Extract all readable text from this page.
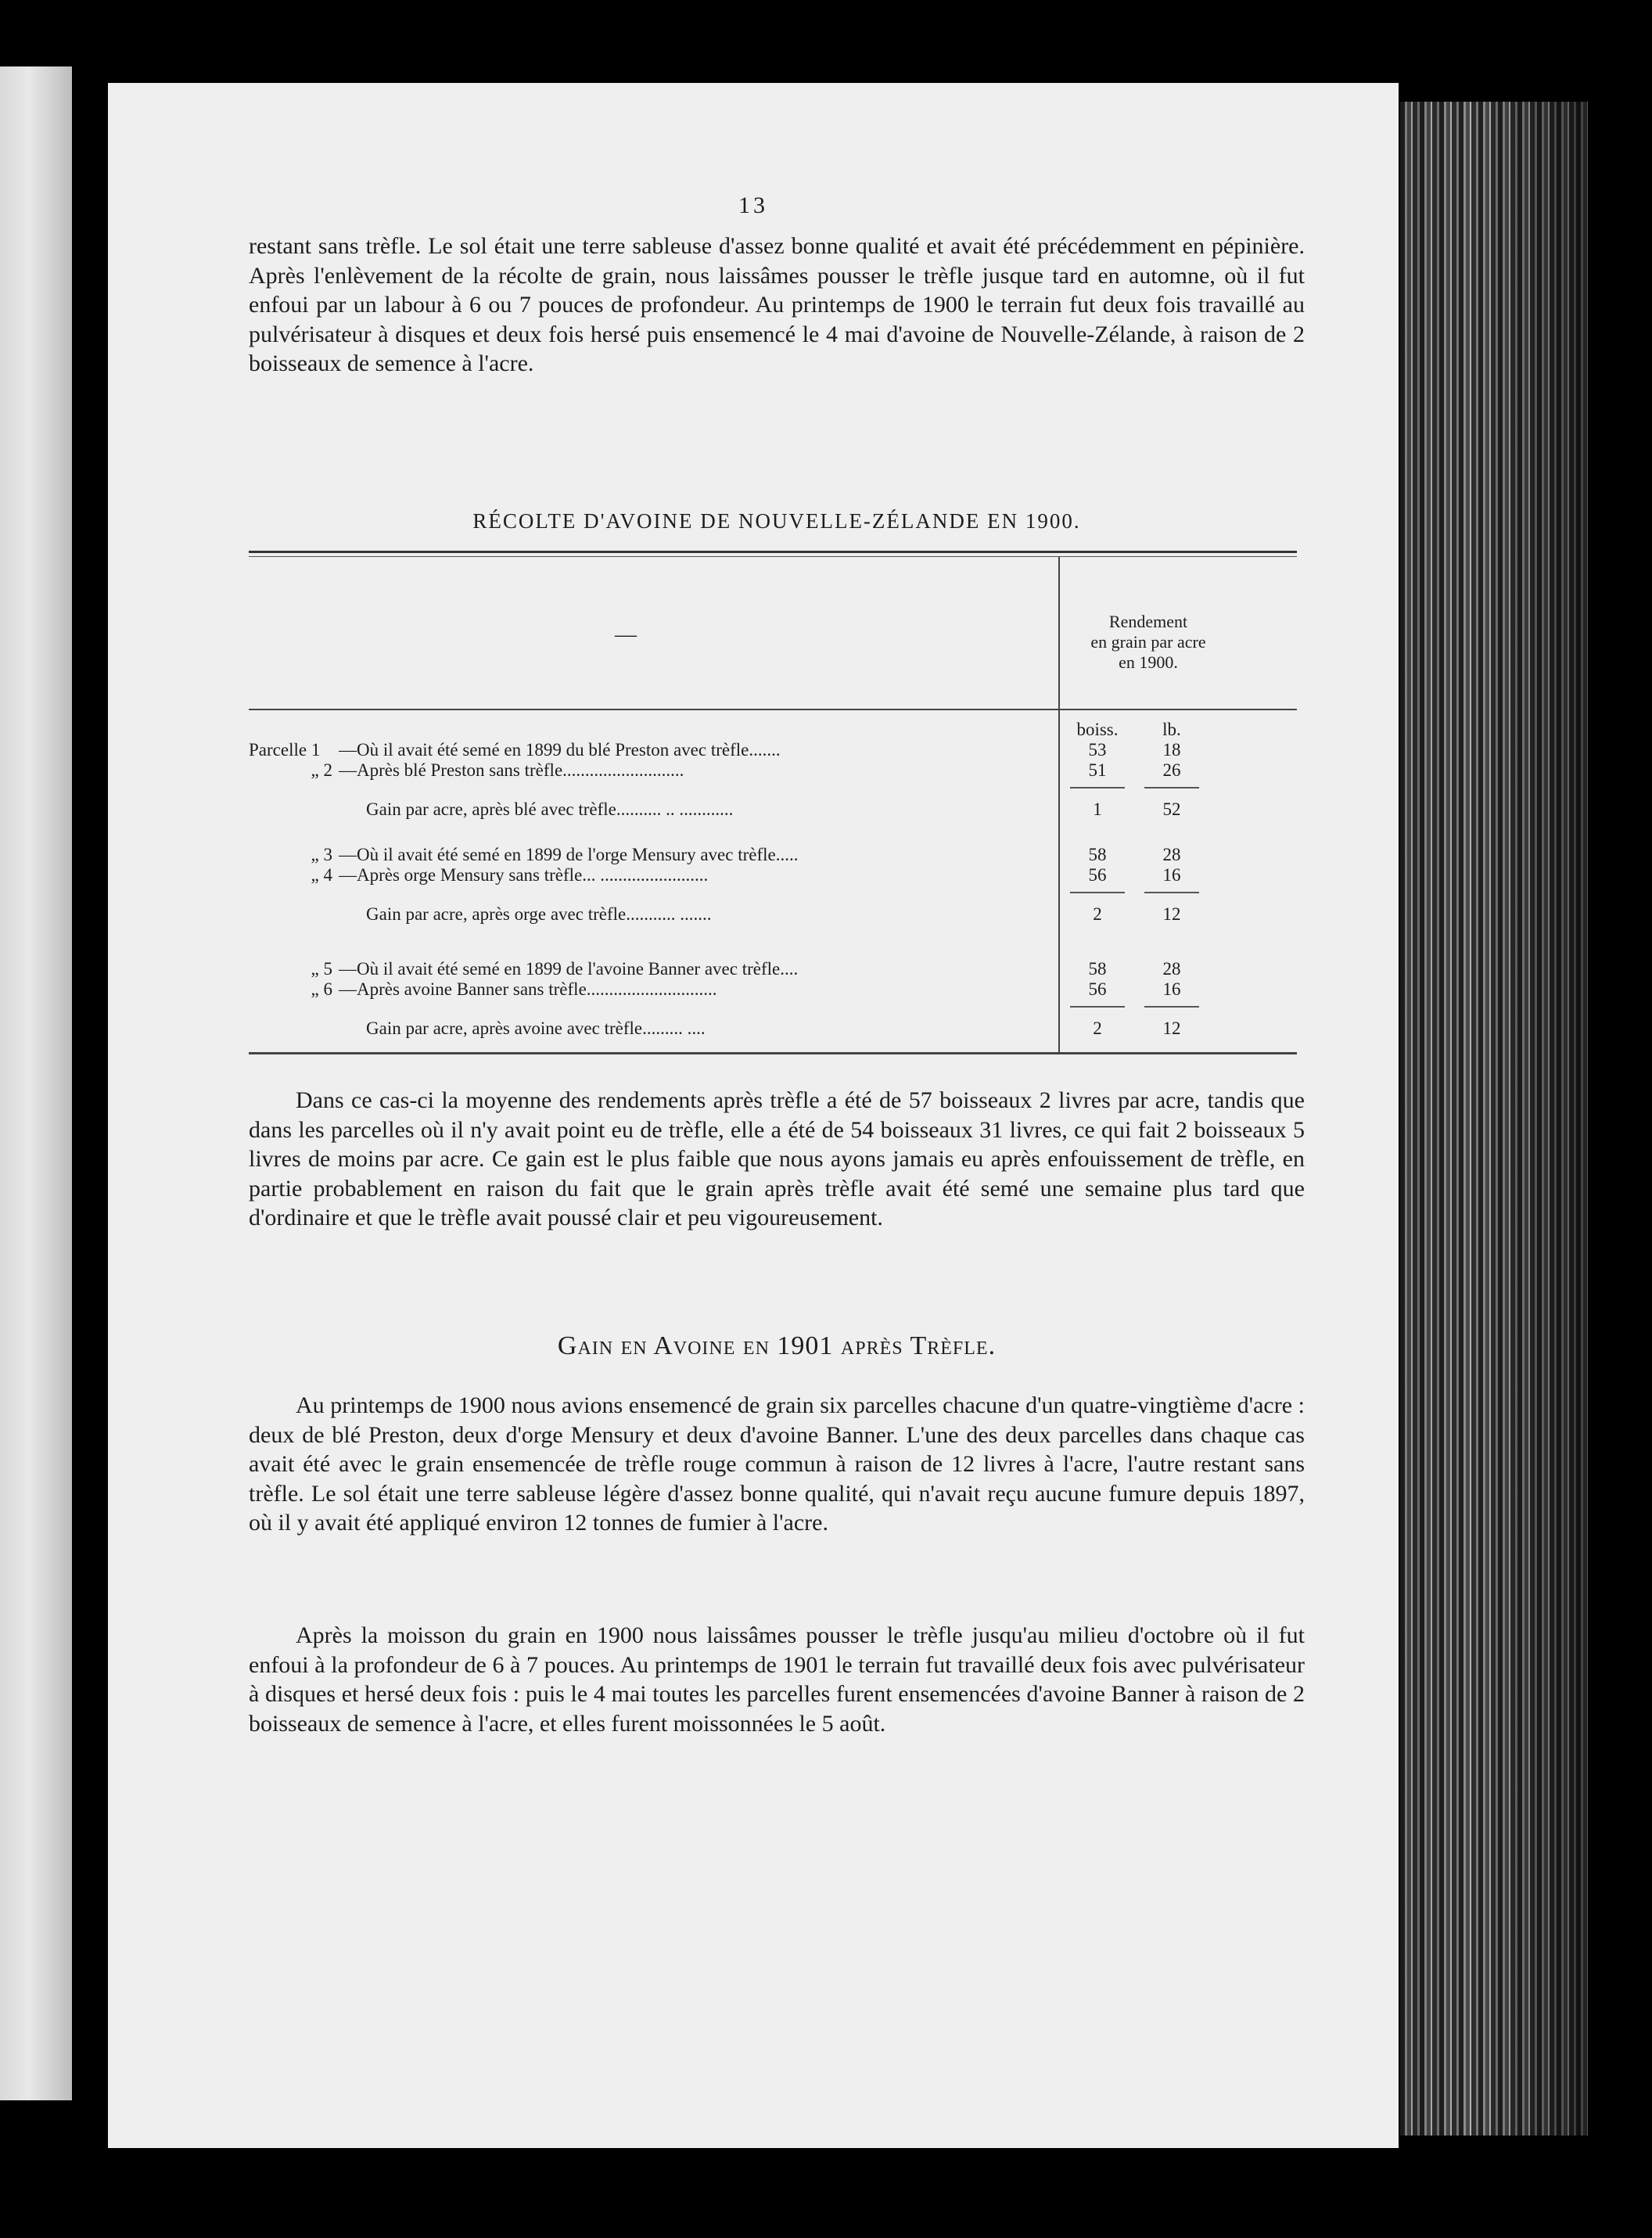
13

restant sans trèfle. Le sol était une terre sableuse d'assez bonne qualité et avait été précédemment en pépinière. Après l'enlèvement de la récolte de grain, nous laissâmes pousser le trèfle jusque tard en automne, où il fut enfoui par un labour à 6 ou 7 pouces de profondeur. Au printemps de 1900 le terrain fut deux fois travaillé au pulvérisateur à disques et deux fois hersé puis ensemencé le 4 mai d'avoine de Nouvelle-Zélande, à raison de 2 boisseaux de semence à l'acre.

RÉCOLTE D'AVOINE DE NOUVELLE-ZÉLANDE EN 1900.
—
Rendement
en grain par acre
en 1900.
boiss.	lb.
Parcelle 1	—Où il avait été semé en 1899 du blé Preston avec trèfle.......	53	18
„ 2 —Après blé Preston sans trèfle...........................	51	26
Gain par acre, après blé avec trèfle.......... .. ............	1	52
„ 3 —Où il avait été semé en 1899 de l'orge Mensury avec trèfle.....	58	28
„ 4 —Après orge Mensury sans trèfle... ........................	56	16
Gain par acre, après orge avec trèfle........... .......	2	12
„ 5 —Où il avait été semé en 1899 de l'avoine Banner avec trèfle....	58	28
„ 6 —Après avoine Banner sans trèfle.............................	56	16
Gain par acre, après avoine avec trèfle......... ....	2	12

Dans ce cas-ci la moyenne des rendements après trèfle a été de 57 boisseaux 2 livres par acre, tandis que dans les parcelles où il n'y avait point eu de trèfle, elle a été de 54 boisseaux 31 livres, ce qui fait 2 boisseaux 5 livres de moins par acre. Ce gain est le plus faible que nous ayons jamais eu après enfouissement de trèfle, en partie probablement en raison du fait que le grain après trèfle avait été semé une semaine plus tard que d'ordinaire et que le trèfle avait poussé clair et peu vigoureusement.

Gain en Avoine en 1901 après Trèfle.

Au printemps de 1900 nous avions ensemencé de grain six parcelles chacune d'un quatre-vingtième d'acre : deux de blé Preston, deux d'orge Mensury et deux d'avoine Banner. L'une des deux parcelles dans chaque cas avait été avec le grain ensemencée de trèfle rouge commun à raison de 12 livres à l'acre, l'autre restant sans trèfle. Le sol était une terre sableuse légère d'assez bonne qualité, qui n'avait reçu aucune fumure depuis 1897, où il y avait été appliqué environ 12 tonnes de fumier à l'acre.

Après la moisson du grain en 1900 nous laissâmes pousser le trèfle jusqu'au milieu d'octobre où il fut enfoui à la profondeur de 6 à 7 pouces. Au printemps de 1901 le terrain fut travaillé deux fois avec pulvérisateur à disques et hersé deux fois : puis le 4 mai toutes les parcelles furent ensemencées d'avoine Banner à raison de 2 boisseaux de semence à l'acre, et elles furent moissonnées le 5 août.
